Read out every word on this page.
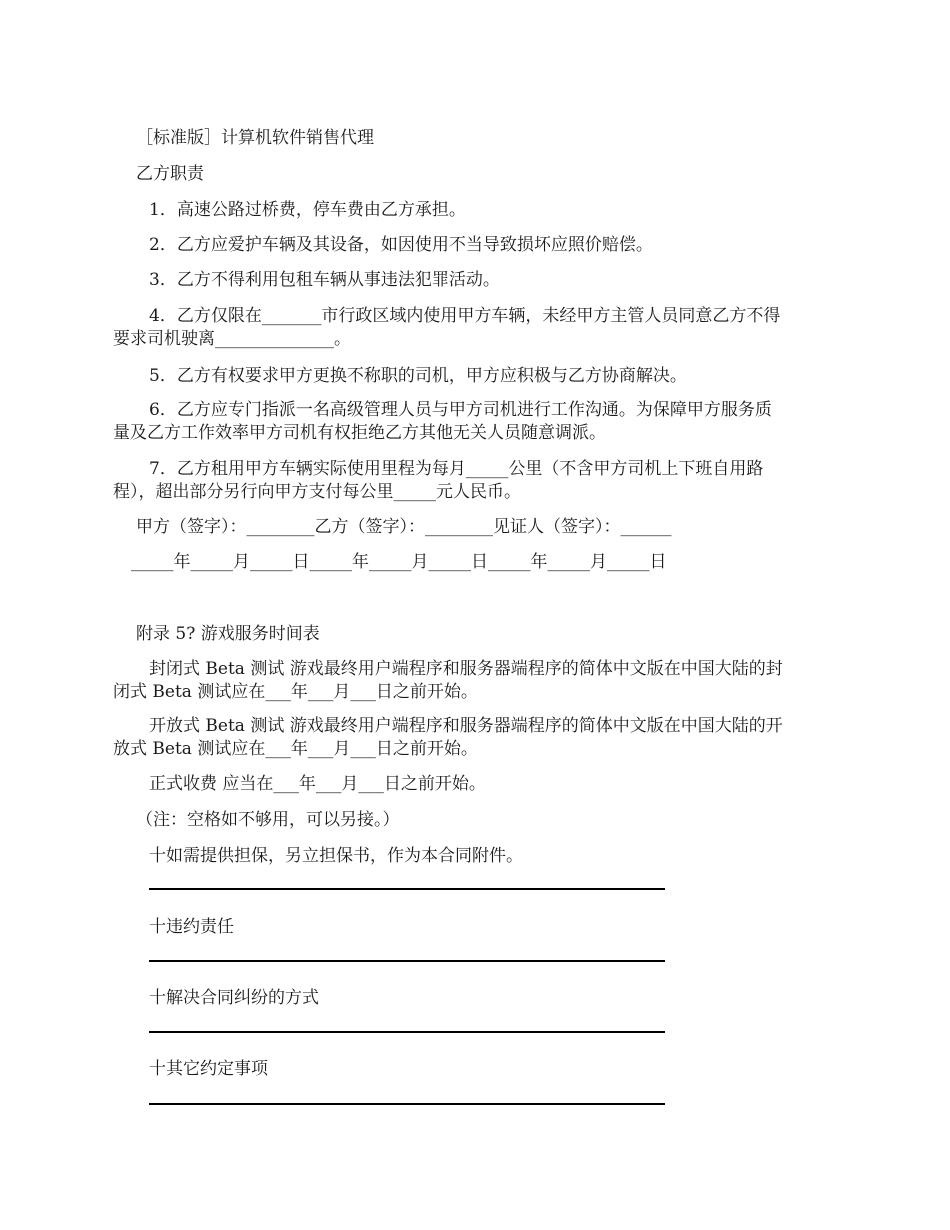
［标准版］计算机软件销售代理
乙方职责
1．高速公路过桥费，停车费由乙方承担。
2．乙方应爱护车辆及其设备，如因使用不当导致损坏应照价赔偿。
3．乙方不得利用包租车辆从事违法犯罪活动。
4．乙方仅限在_______市行政区域内使用甲方车辆，未经甲方主管人员同意乙方不得
要求司机驶离______________。
5．乙方有权要求甲方更换不称职的司机，甲方应积极与乙方协商解决。
6．乙方应专门指派一名高级管理人员与甲方司机进行工作沟通。为保障甲方服务质
量及乙方工作效率甲方司机有权拒绝乙方其他无关人员随意调派。
7．乙方租用甲方车辆实际使用里程为每月_____公里（不含甲方司机上下班自用路
程），超出部分另行向甲方支付每公里_____元人民币。
甲方（签字）：________乙方（签字）：________见证人（签字）：______
_____年_____月_____日_____年_____月_____日_____年_____月_____日
附录 5? 游戏服务时间表
封闭式 Beta 测试 游戏最终用户端程序和服务器端程序的简体中文版在中国大陆的封
闭式 Beta 测试应在___年___月___日之前开始。
开放式 Beta 测试 游戏最终用户端程序和服务器端程序的简体中文版在中国大陆的开
放式 Beta 测试应在___年___月___日之前开始。
正式收费 应当在___年___月___日之前开始。
（注：空格如不够用，可以另接。）
十如需提供担保，另立担保书，作为本合同附件。
十违约责任
十解决合同纠纷的方式
十其它约定事项
